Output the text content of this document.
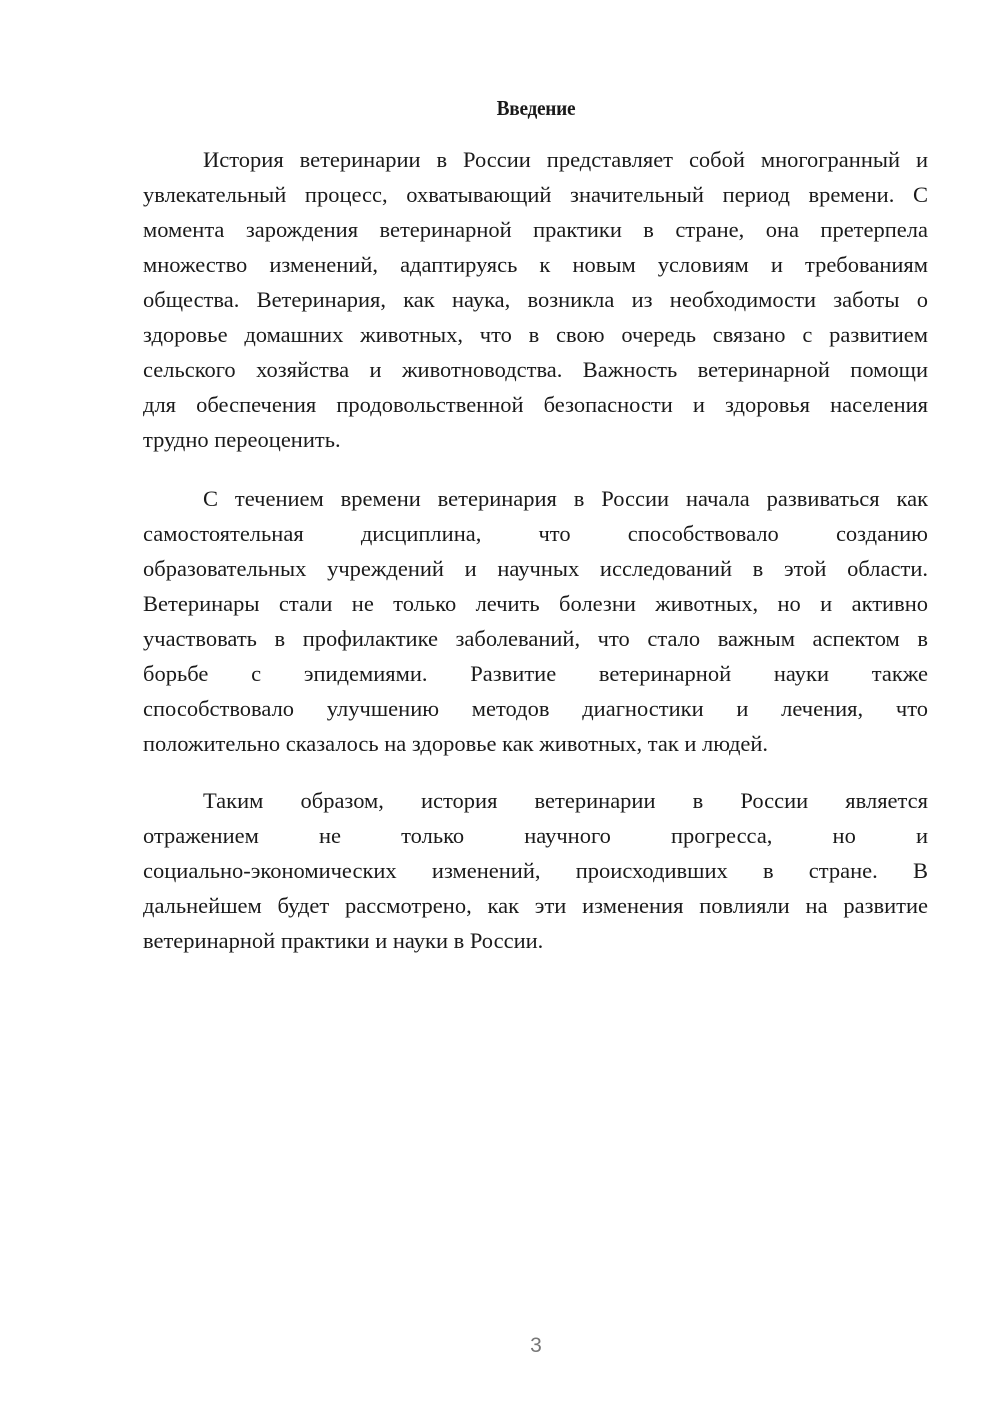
Введение
История ветеринарии в России представляет собой многогранный и
увлекательный процесс, охватывающий значительный период времени. С
момента зарождения ветеринарной практики в стране, она претерпела
множество изменений, адаптируясь к новым условиям и требованиям
общества. Ветеринария, как наука, возникла из необходимости заботы о
здоровье домашних животных, что в свою очередь связано с развитием
сельского хозяйства и животноводства. Важность ветеринарной помощи
для обеспечения продовольственной безопасности и здоровья населения
трудно переоценить.
С течением времени ветеринария в России начала развиваться как
самостоятельная дисциплина, что способствовало созданию
образовательных учреждений и научных исследований в этой области.
Ветеринары стали не только лечить болезни животных, но и активно
участвовать в профилактике заболеваний, что стало важным аспектом в
борьбе с эпидемиями. Развитие ветеринарной науки также
способствовало улучшению методов диагностики и лечения, что
положительно сказалось на здоровье как животных, так и людей.
Таким образом, история ветеринарии в России является
отражением не только научного прогресса, но и
социально-экономических изменений, происходивших в стране. В
дальнейшем будет рассмотрено, как эти изменения повлияли на развитие
ветеринарной практики и науки в России.
3
